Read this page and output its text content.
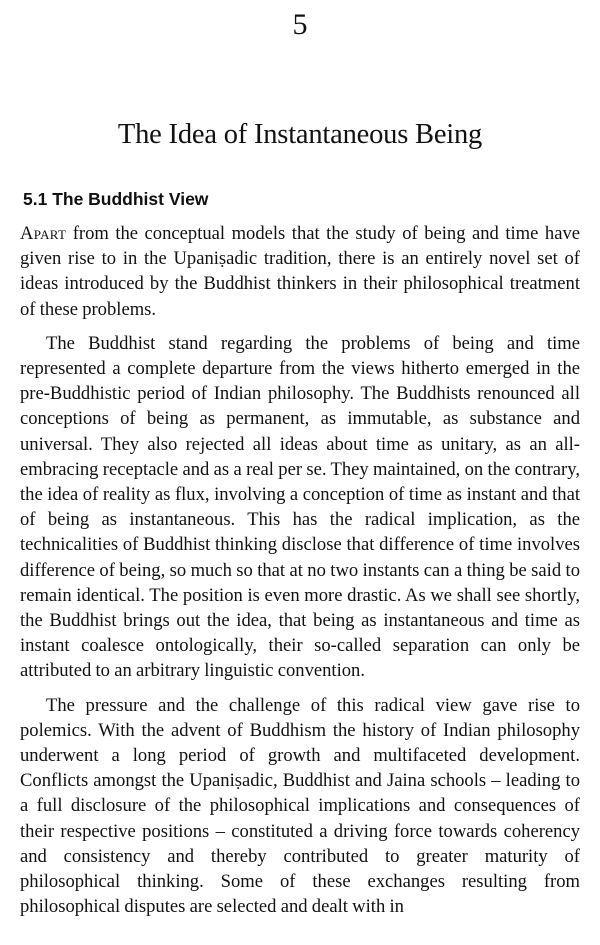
5
The Idea of Instantaneous Being
5.1 The Buddhist View

Apart from the conceptual models that the study of being and time have given rise to in the Upaniṣadic tradition, there is an entirely novel set of ideas introduced by the Buddhist thinkers in their philosophical treatment of these problems.

The Buddhist stand regarding the problems of being and time represented a complete departure from the views hitherto emerged in the pre-Buddhistic period of Indian philosophy. The Buddhists renounced all conceptions of being as permanent, as immutable, as substance and universal. They also rejected all ideas about time as unitary, as an all-embracing receptacle and as a real per se. They maintained, on the contrary, the idea of reality as flux, involving a conception of time as instant and that of being as instantaneous. This has the radical implication, as the technicalities of Buddhist thinking disclose that difference of time involves difference of being, so much so that at no two instants can a thing be said to remain identical. The position is even more drastic. As we shall see shortly, the Buddhist brings out the idea, that being as instantaneous and time as instant coalesce ontologically, their so-called separation can only be attributed to an arbitrary linguistic convention.

The pressure and the challenge of this radical view gave rise to polemics. With the advent of Buddhism the history of Indian philosophy underwent a long period of growth and multifaceted development. Conflicts amongst the Upaniṣadic, Buddhist and Jaina schools – leading to a full disclosure of the philosophical implications and consequences of their respective positions – constituted a driving force towards coherency and consistency and thereby contributed to greater maturity of philosophical thinking. Some of these exchanges resulting from philosophical disputes are selected and dealt with in
